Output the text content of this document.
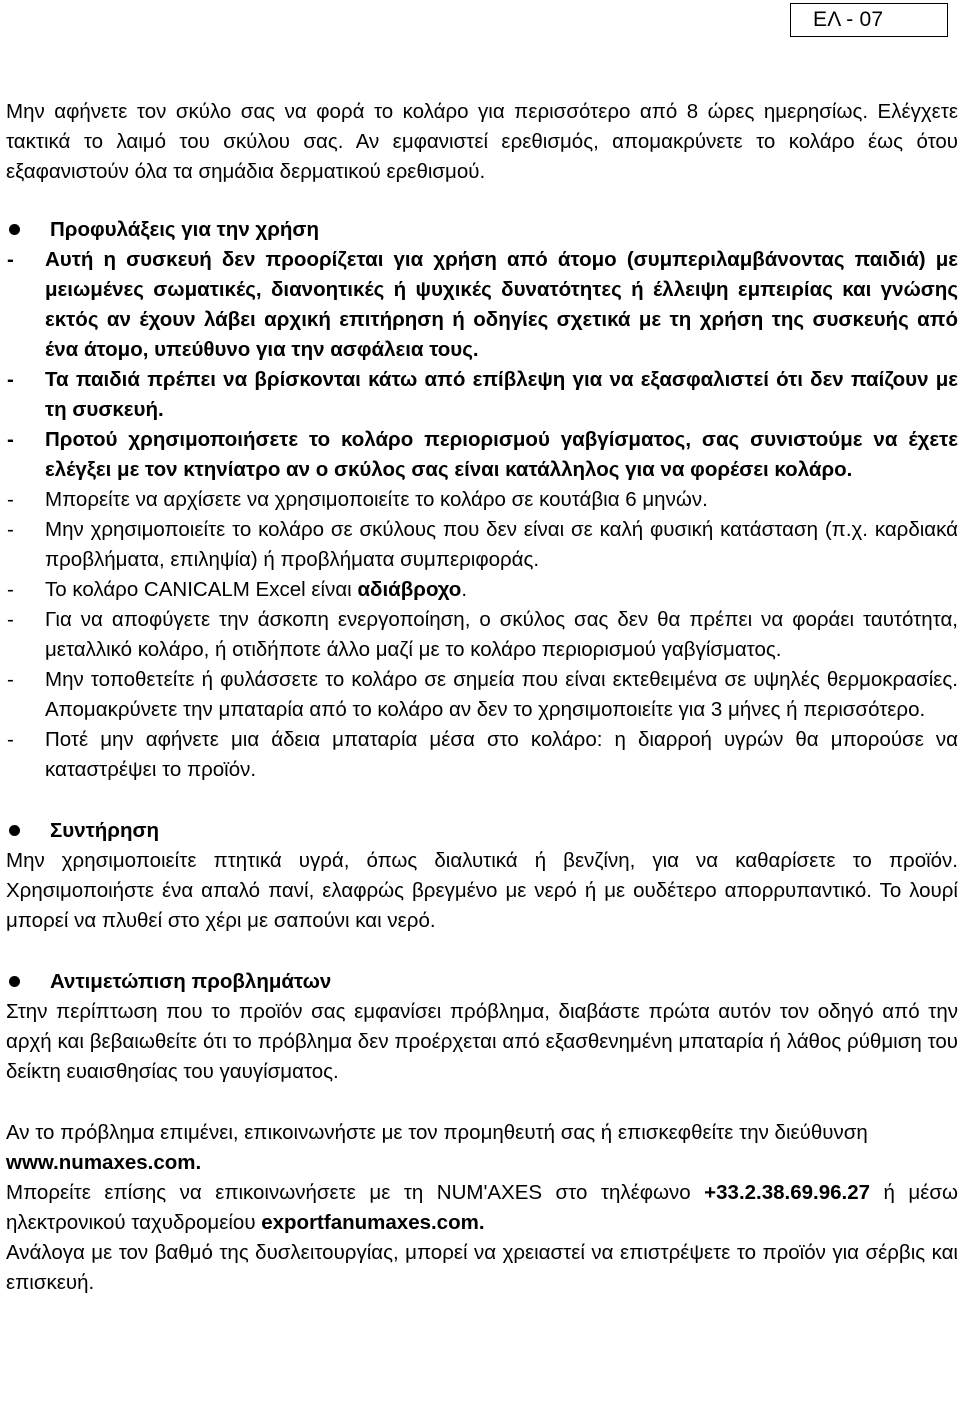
ΕΛ - 07

Μην αφήνετε τον σκύλο σας να φορά το κολάρο για περισσότερο από 8 ώρες ημερησίως. Ελέγχετε τακτικά το λαιμό του σκύλου σας. Αν εμφανιστεί ερεθισμός, απομακρύνετε το κολάρο έως ότου εξαφανιστούν όλα τα σημάδια δερματικού ερεθισμού.

Προφυλάξεις για την χρήση
-	Αυτή η συσκευή δεν προορίζεται για χρήση από άτομο (συμπεριλαμβάνοντας παιδιά) με μειωμένες σωματικές, διανοητικές ή ψυχικές δυνατότητες ή έλλειψη εμπειρίας και γνώσης εκτός αν έχουν λάβει αρχική επιτήρηση ή οδηγίες σχετικά με τη χρήση της συσκευής από ένα άτομο, υπεύθυνο για την ασφάλεια τους.
-	Τα παιδιά πρέπει να βρίσκονται κάτω από επίβλεψη για να εξασφαλιστεί ότι δεν παίζουν με τη συσκευή.
-	Προτού χρησιμοποιήσετε το κολάρο περιορισμού γαβγίσματος, σας συνιστούμε να έχετε ελέγξει με τον κτηνίατρο αν ο σκύλος σας είναι κατάλληλος για να φορέσει κολάρο.
-	Μπορείτε να αρχίσετε να χρησιμοποιείτε το κολάρο σε κουτάβια 6 μηνών.
-	Μην χρησιμοποιείτε το κολάρο σε σκύλους που δεν είναι σε καλή φυσική κατάσταση (π.χ. καρδιακά προβλήματα, επιληψία) ή προβλήματα συμπεριφοράς.
-	Το κολάρο CANICALM Excel είναι αδιάβροχο.
-	Για να αποφύγετε την άσκοπη ενεργοποίηση, ο σκύλος σας δεν θα πρέπει να φοράει ταυτότητα, μεταλλικό κολάρο, ή οτιδήποτε άλλο μαζί με το κολάρο περιορισμού γαβγίσματος.
-	Μην τοποθετείτε ή φυλάσσετε το κολάρο σε σημεία που είναι εκτεθειμένα σε υψηλές θερμοκρασίες. Απομακρύνετε την μπαταρία από το κολάρο αν δεν το χρησιμοποιείτε για 3 μήνες ή περισσότερο.
-	Ποτέ μην αφήνετε μια άδεια μπαταρία μέσα στο κολάρο: η διαρροή υγρών θα μπορούσε να καταστρέψει το προϊόν.
Συντήρηση

Μην χρησιμοποιείτε πτητικά υγρά, όπως διαλυτικά ή βενζίνη, για να καθαρίσετε το προϊόν. Χρησιμοποιήστε ένα απαλό πανί, ελαφρώς βρεγμένο με νερό ή με ουδέτερο απορρυπαντικό. Το λουρί μπορεί να πλυθεί στο χέρι με σαπούνι και νερό.

Αντιμετώπιση προβλημάτων

Στην περίπτωση που το προϊόν σας εμφανίσει πρόβλημα, διαβάστε πρώτα αυτόν τον οδηγό από την αρχή και βεβαιωθείτε ότι το πρόβλημα δεν προέρχεται από εξασθενημένη μπαταρία ή λάθος ρύθμιση του δείκτη ευαισθησίας του γαυγίσματος.

Αν το πρόβλημα επιμένει, επικοινωνήστε με τον προμηθευτή σας ή επισκεφθείτε την διεύθυνση
www.numaxes.com.

Μπορείτε επίσης να επικοινωνήσετε με τη NUM'AXES στο τηλέφωνο +33.2.38.69.96.27 ή μέσω ηλεκτρονικού ταχυδρομείου exportfanumaxes.com.

Ανάλογα με τον βαθμό της δυσλειτουργίας, μπορεί να χρειαστεί να επιστρέψετε το προϊόν για σέρβις και επισκευή.
